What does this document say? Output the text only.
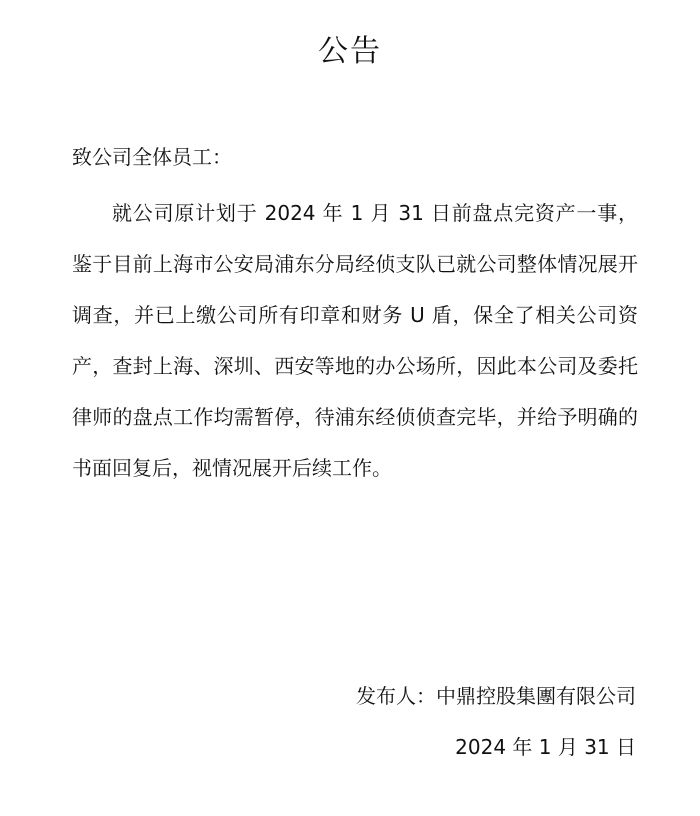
公告
致公司全体员工：
就公司原计划于 2024 年 1 月 31 日前盘点完资产一事，鉴于目前上海市公安局浦东分局经侦支队已就公司整体情况展开调查，并已上缴公司所有印章和财务 U 盾，保全了相关公司资产，查封上海、深圳、西安等地的办公场所，因此本公司及委托律师的盘点工作均需暂停，待浦东经侦侦查完毕，并给予明确的书面回复后，视情况展开后续工作。
发布人：中鼎控股集團有限公司
2024 年 1 月 31 日
